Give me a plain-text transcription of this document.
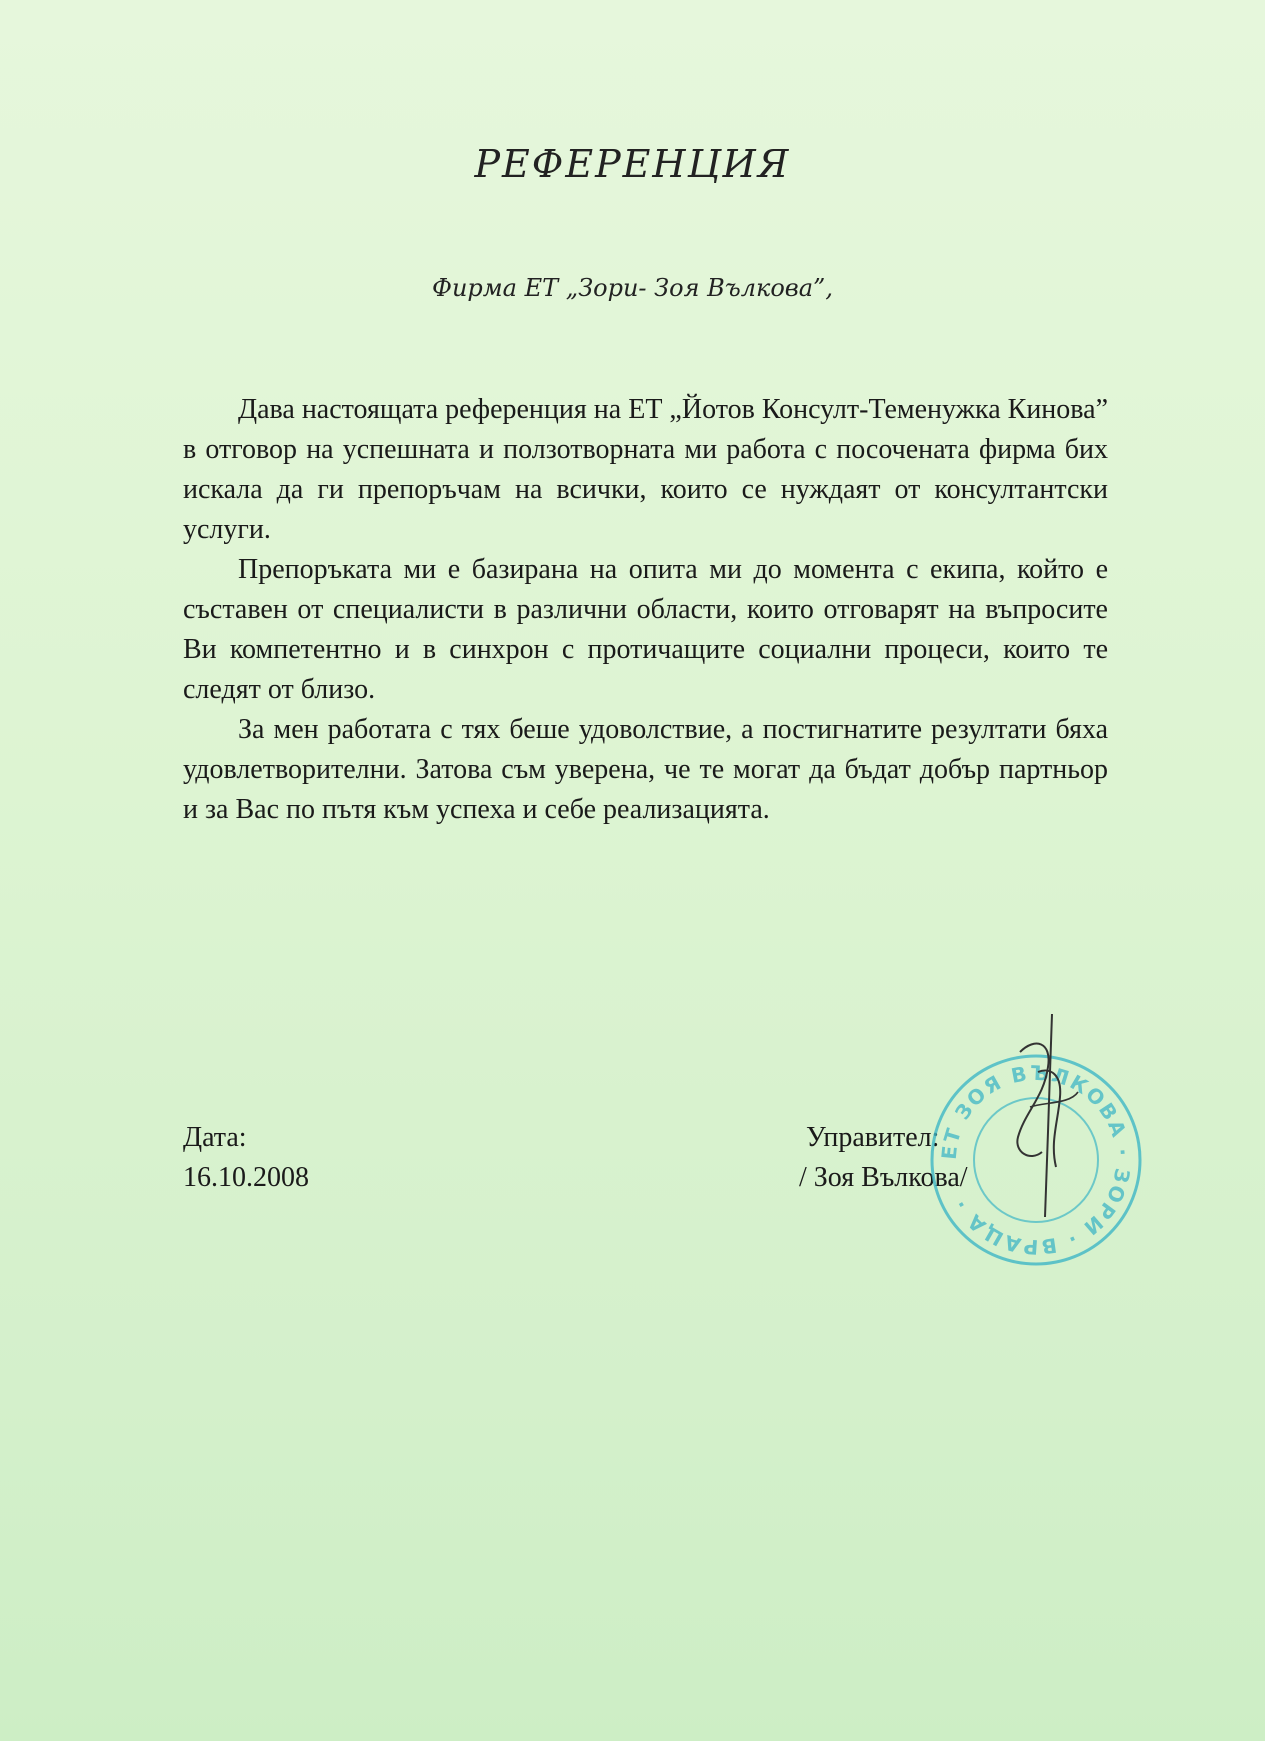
РЕФЕРЕНЦИЯ
Фирма ЕТ „Зори- Зоя Вълкова”,

Дава настоящата референция на ЕТ „Йотов Консулт-Теменужка Кинова” в отговор на успешната и ползотворната ми работа с посочената фирма бих искала да ги препоръчам на всички, които се нуждаят от консултантски услуги.

Препоръката ми е базирана на опита ми до момента с екипа, който е съставен от специалисти в различни области, които отговарят на въпросите Ви компетентно и в синхрон с протичащите социални процеси, които те следят от близо.

За мен работата с тях беше удоволствие, а постигнатите резултати бяха удовлетворителни. Затова съм уверена, че те могат да бъдат добър партньор и за Вас по пътя към успеха и себе реализацията.

Дата:
16.10.2008
Управител:
/ Зоя Вълкова/
ЕТ ЗОЯ ВЪЛКОВА · ЗОРИ · ВРАЦА ·
